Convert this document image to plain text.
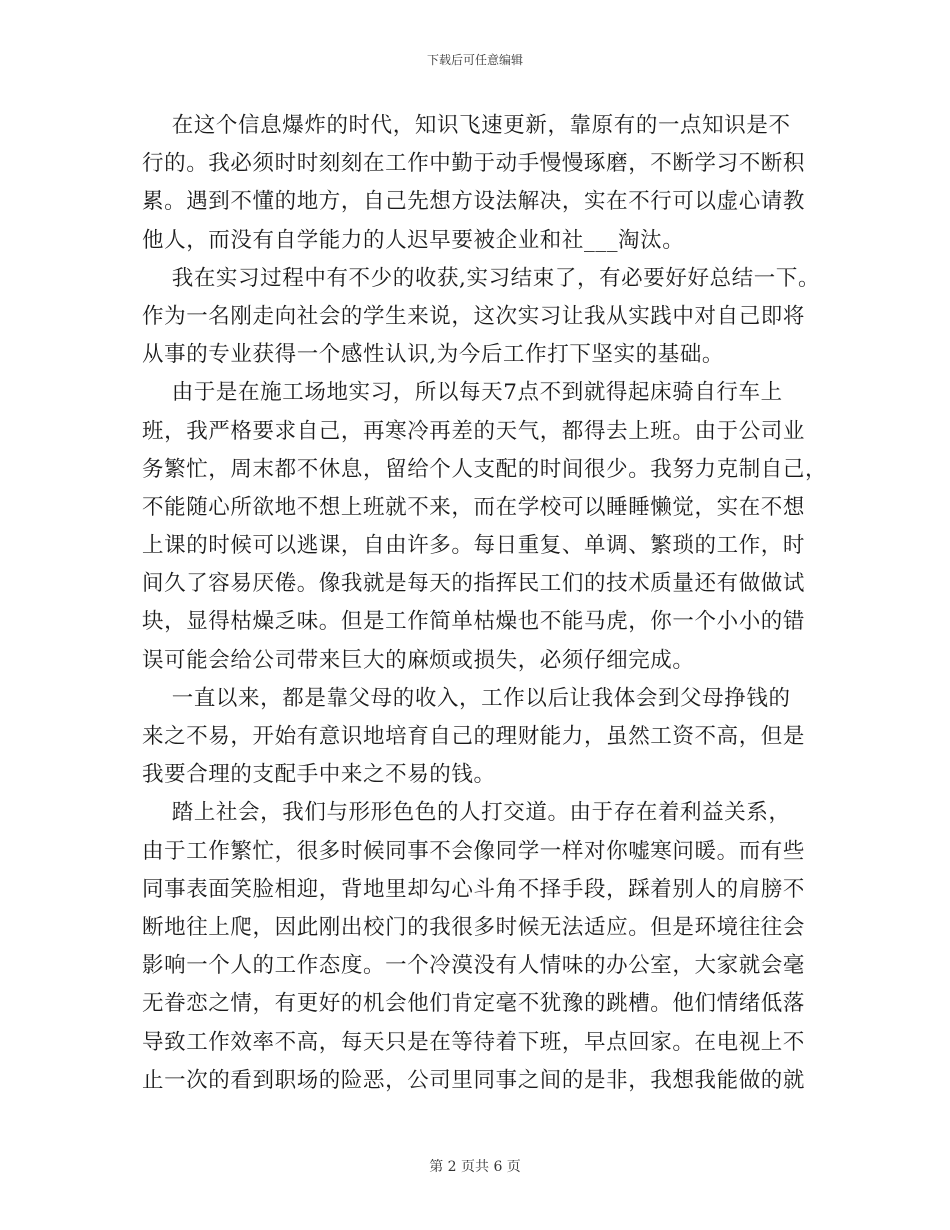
下载后可任意编辑
在这个信息爆炸的时代，知识飞速更新，靠原有的一点知识是不
行的。我必须时时刻刻在工作中勤于动手慢慢琢磨，不断学习不断积
累。遇到不懂的地方，自己先想方设法解决，实在不行可以虚心请教
他人，而没有自学能力的人迟早要被企业和社___淘汰。
我在实习过程中有不少的收获,实习结束了，有必要好好总结一下。
作为一名刚走向社会的学生来说，这次实习让我从实践中对自己即将
从事的专业获得一个感性认识,为今后工作打下坚实的基础。
由于是在施工场地实习，所以每天7点不到就得起床骑自行车上
班，我严格要求自己，再寒冷再差的天气，都得去上班。由于公司业
务繁忙，周末都不休息，留给个人支配的时间很少。我努力克制自己，
不能随心所欲地不想上班就不来，而在学校可以睡睡懒觉，实在不想
上课的时候可以逃课，自由许多。每日重复、单调、繁琐的工作，时
间久了容易厌倦。像我就是每天的指挥民工们的技术质量还有做做试
块，显得枯燥乏味。但是工作简单枯燥也不能马虎，你一个小小的错
误可能会给公司带来巨大的麻烦或损失，必须仔细完成。
一直以来，都是靠父母的收入，工作以后让我体会到父母挣钱的
来之不易，开始有意识地培育自己的理财能力，虽然工资不高，但是
我要合理的支配手中来之不易的钱。
踏上社会，我们与形形色色的人打交道。由于存在着利益关系，
由于工作繁忙，很多时候同事不会像同学一样对你嘘寒问暖。而有些
同事表面笑脸相迎，背地里却勾心斗角不择手段，踩着别人的肩膀不
断地往上爬，因此刚出校门的我很多时候无法适应。但是环境往往会
影响一个人的工作态度。一个冷漠没有人情味的办公室，大家就会毫
无眷恋之情，有更好的机会他们肯定毫不犹豫的跳槽。他们情绪低落
导致工作效率不高，每天只是在等待着下班，早点回家。在电视上不
止一次的看到职场的险恶，公司里同事之间的是非，我想我能做的就
第 2 页共 6 页
